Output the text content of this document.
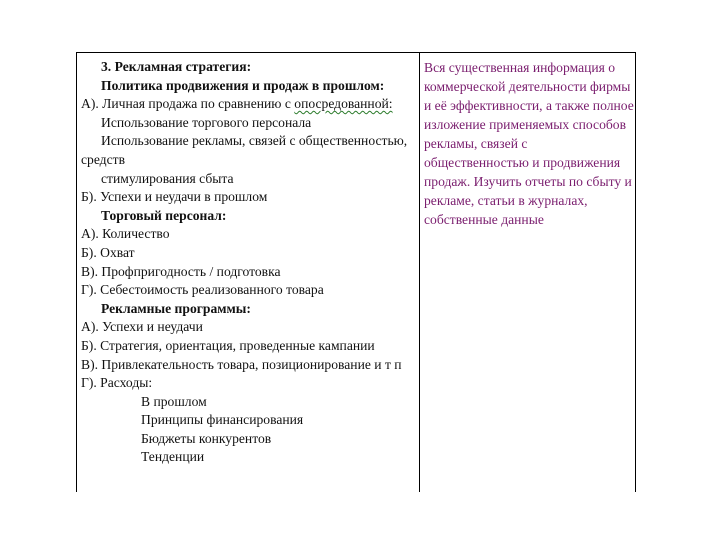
3. Рекламная стратегия:
Политика продвижения и продаж в прошлом:
А). Личная продажа по сравнению с опосредованной:
Использование торгового персонала
Использование рекламы, связей с общественностью,
средств
стимулирования сбыта
Б). Успехи и неудачи в прошлом
Торговый персонал:
А). Количество
Б). Охват
В). Профпригодность / подготовка
Г). Себестоимость реализованного товара
Рекламные программы:
А). Успехи и неудачи
Б). Стратегия, ориентация, проведенные кампании
В). Привлекательность товара, позиционирование и т п
Г). Расходы:
В прошлом
Принципы финансирования
Бюджеты конкурентов
Тенденции
Вся существенная информация о
коммерческой деятельности фирмы
и её эффективности, а также полное
изложение применяемых способов
рекламы, связей с
общественностью и продвижения
продаж. Изучить отчеты по сбыту и
рекламе, статьи в журналах,
собственные данные
